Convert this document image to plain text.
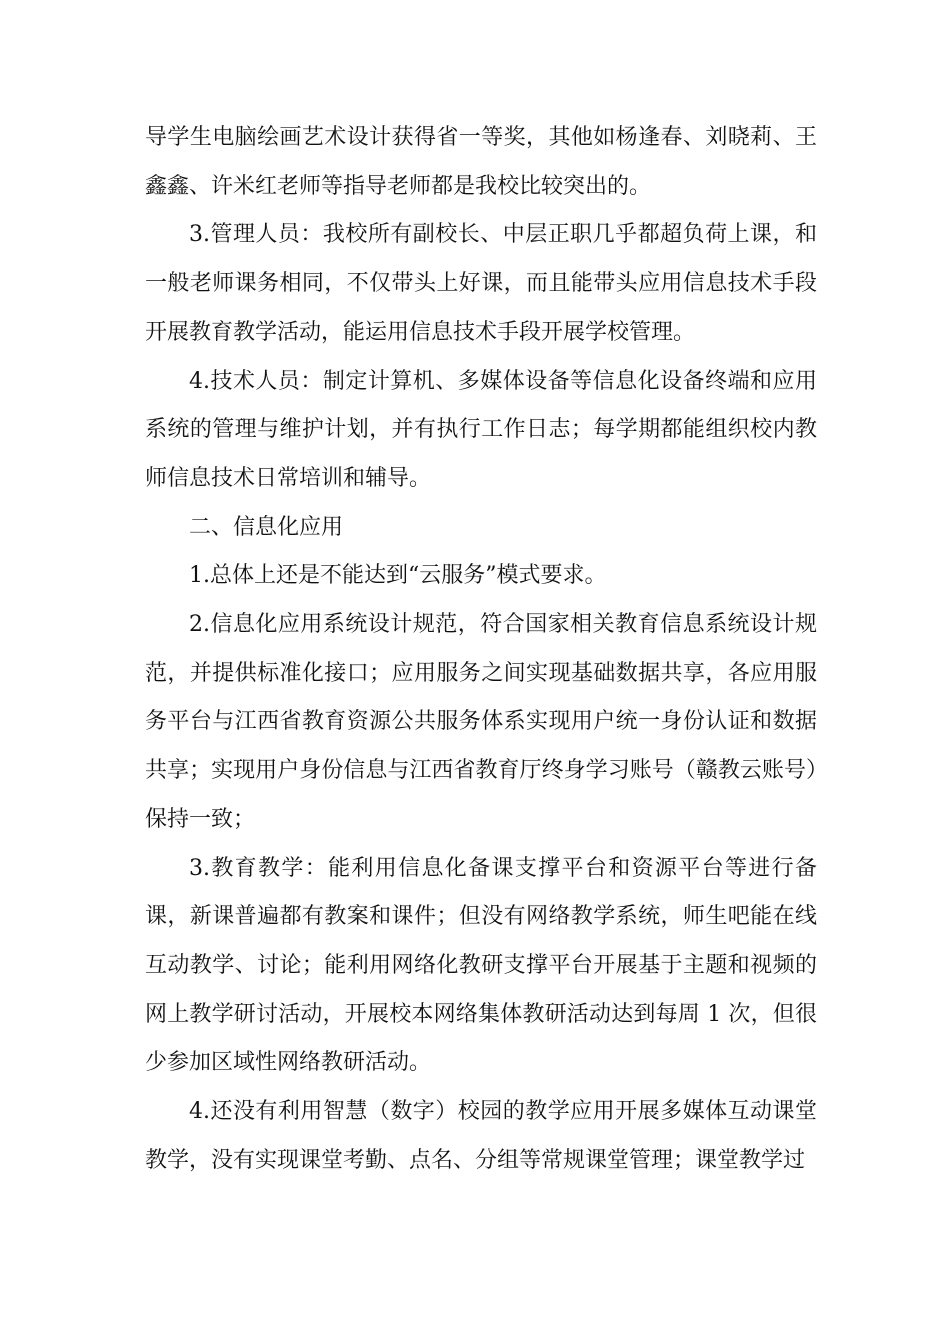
导学生电脑绘画艺术设计获得省一等奖，其他如杨逢春、刘晓莉、王鑫鑫、许米红老师等指导老师都是我校比较突出的。

3.管理人员：我校所有副校长、中层正职几乎都超负荷上课，和一般老师课务相同，不仅带头上好课，而且能带头应用信息技术手段开展教育教学活动，能运用信息技术手段开展学校管理。

4.技术人员：制定计算机、多媒体设备等信息化设备终端和应用系统的管理与维护计划，并有执行工作日志；每学期都能组织校内教师信息技术日常培训和辅导。

二、信息化应用

1.总体上还是不能达到“云服务”模式要求。

2.信息化应用系统设计规范，符合国家相关教育信息系统设计规范，并提供标准化接口；应用服务之间实现基础数据共享，各应用服务平台与江西省教育资源公共服务体系实现用户统一身份认证和数据共享；实现用户身份信息与江西省教育厅终身学习账号（赣教云账号）保持一致；

3.教育教学：能利用信息化备课支撑平台和资源平台等进行备课，新课普遍都有教案和课件；但没有网络教学系统，师生吧能在线互动教学、讨论；能利用网络化教研支撑平台开展基于主题和视频的网上教学研讨活动，开展校本网络集体教研活动达到每周 1 次，但很少参加区域性网络教研活动。

4.还没有利用智慧（数字）校园的教学应用开展多媒体互动课堂教学，没有实现课堂考勤、点名、分组等常规课堂管理；课堂教学过
